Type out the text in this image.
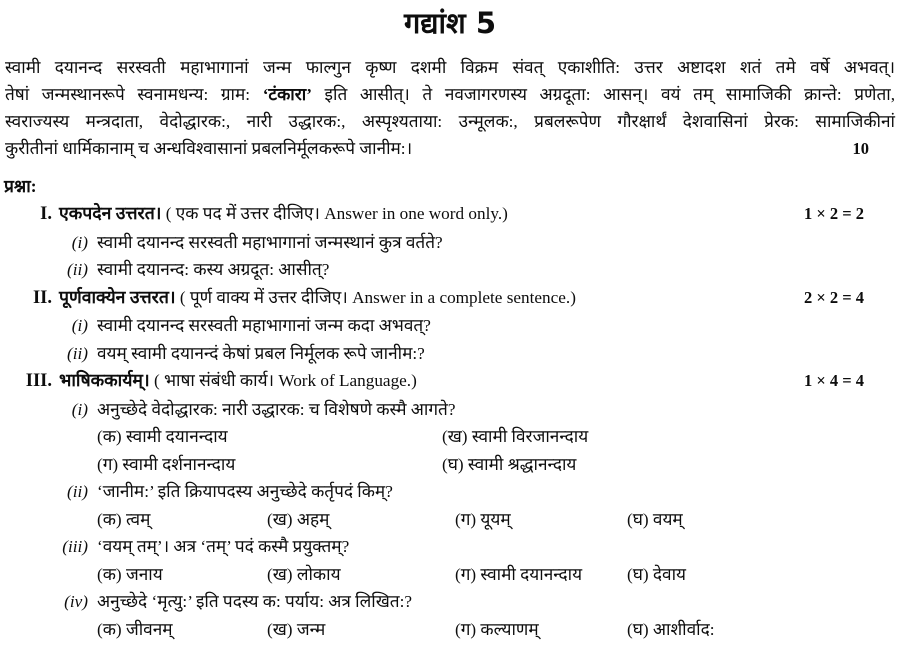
गद्यांश 5

स्वामी दयानन्द सरस्वती महाभागानां जन्म फाल्गुन कृष्ण दशमी विक्रम संवत् एकाशीति: उत्तर अष्टादश शतं तमे वर्षे अभवत्।

तेषां जन्मस्थानरूपे स्वनामधन्य: ग्राम: ‘टंकारा’ इति आसीत्। ते नवजागरणस्य अग्रदूता: आसन्। वयं तम् सामाजिकी क्रान्ते: प्रणेता,

स्वराज्यस्य मन्त्रदाता, वेदोद्धारक:, नारी उद्धारक:, अस्पृश्यताया: उन्मूलक:, प्रबलरूपेण गौरक्षार्थं देशवासिनां प्रेरक: सामाजिकीनां

कुरीतीनां धार्मिकानाम् च अन्धविश्वासानां प्रबलनिर्मूलकरूपे जानीम:।	10

प्रश्ना:
I. एकपदेन उत्तरत। ( एक पद में उत्तर दीजिए। Answer in one word only.)	1 × 2 = 2
(i) स्वामी दयानन्द सरस्वती महाभागानां जन्मस्थानं कुत्र वर्तते?
(ii) स्वामी दयानन्द: कस्य अग्रदूत: आसीत्?
II. पूर्णवाक्येन उत्तरत। ( पूर्ण वाक्य में उत्तर दीजिए। Answer in a complete sentence.)	2 × 2 = 4
(i) स्वामी दयानन्द सरस्वती महाभागानां जन्म कदा अभवत्?
(ii) वयम् स्वामी दयानन्दं केषां प्रबल निर्मूलक रूपे जानीम:?
III. भाषिककार्यम्। ( भाषा संबंधी कार्य। Work of Language.)	1 × 4 = 4
(i) अनुच्छेदे वेदोद्धारक: नारी उद्धारक: च विशेषणे कस्मै आगते?
(क) स्वामी दयानन्दाय	(ख) स्वामी विरजानन्दाय
(ग) स्वामी दर्शनानन्दाय	(घ) स्वामी श्रद्धानन्दाय
(ii) ‘जानीम:’ इति क्रियापदस्य अनुच्छेदे कर्तृपदं किम्?
(क) त्वम्	(ख) अहम्	(ग) यूयम्	(घ) वयम्
(iii) ‘वयम् तम्’। अत्र ‘तम्’ पदं कस्मै प्रयुक्तम्?
(क) जनाय	(ख) लोकाय	(ग) स्वामी दयानन्दाय	(घ) देवाय
(iv) अनुच्छेदे ‘मृत्यु:’ इति पदस्य क: पर्याय: अत्र लिखित:?
(क) जीवनम्	(ख) जन्म	(ग) कल्याणम्	(घ) आशीर्वाद:
